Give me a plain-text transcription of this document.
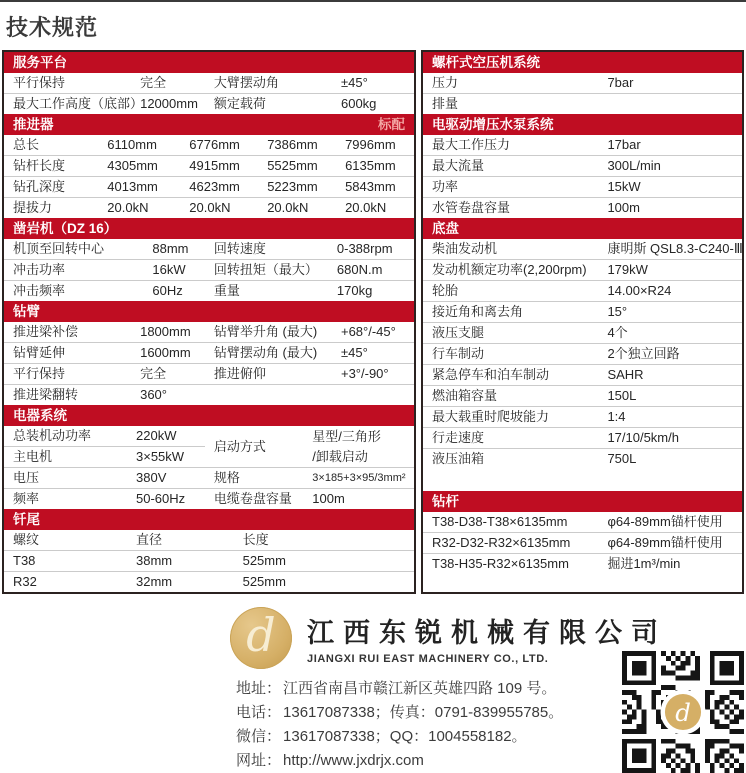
技术规范
服务平台			
平行保持	完全	大臂摆动角	±45°
最大工作高度（底部）	12000mm	额定载荷	600kg
推进器 标配				

总长	6110mm	6776mm	7386mm	7996mm
钻杆长度	4305mm	4915mm	5525mm	6135mm
钻孔深度	4013mm	4623mm	5223mm	5843mm
提拔力	20.0kN	20.0kN	20.0kN	20.0kN
凿岩机（DZ 16）			
机顶至回转中心	88mm	回转速度	0-388rpm
冲击功率	16kW	回转扭矩（最大）	680N.m
冲击频率	60Hz	重量	170kg
钻臂			
推进梁补偿	1800mm	钻臂举升角 (最大)	+68°/-45°
钻臂延伸	1600mm	钻臂摆动角 (最大)	±45°
平行保持	完全	推进俯仰	+3°/-90°
推进梁翻转	360°		
电器系统			
总装机动功率	220kW	启动方式	星型/三角形
/卸载启动

主电机	3×55kW		
电压	380V	规格	3×185+3×95/3mm²
频率	50-60Hz	电缆卷盘容量	100m
钎尾		
螺纹	直径	长度
T38	38mm	525mm
R32	32mm	525mm
螺杆式空压机系统	
压力	7bar
排量	
电驱动增压水泵系统	
最大工作压力	17bar
最大流量	300L/min
功率	15kW
水管卷盘容量	100m
底盘	
柴油发动机	康明斯 QSL8.3-C240-Ⅲ
发动机额定功率(2,200rpm)	179kW
轮胎	14.00×R24
接近角和离去角	15°
液压支腿	4个
行车制动	2个独立回路
紧急停车和泊车制动	SAHR
燃油箱容量	150L
最大载重时爬坡能力	1:4
行走速度	17/10/5km/h
液压油箱	750L
钻杆	
T38-D38-T38×6135mm	φ64-89mm锚杆使用
R32-D32-R32×6135mm	φ64-89mm锚杆使用
T38-H35-R32×6135mm	掘进1m³/min
d 江西东锐机械有限公司
JIANGXI RUI EAST MACHINERY CO., LTD.
地址： 江西省南昌市赣江新区英雄四路 109 号。
电话： 13617087338；传真：0791-839955785。
微信： 13617087338；QQ：1004558182。
网址： http://www.jxdrjx.com
d
